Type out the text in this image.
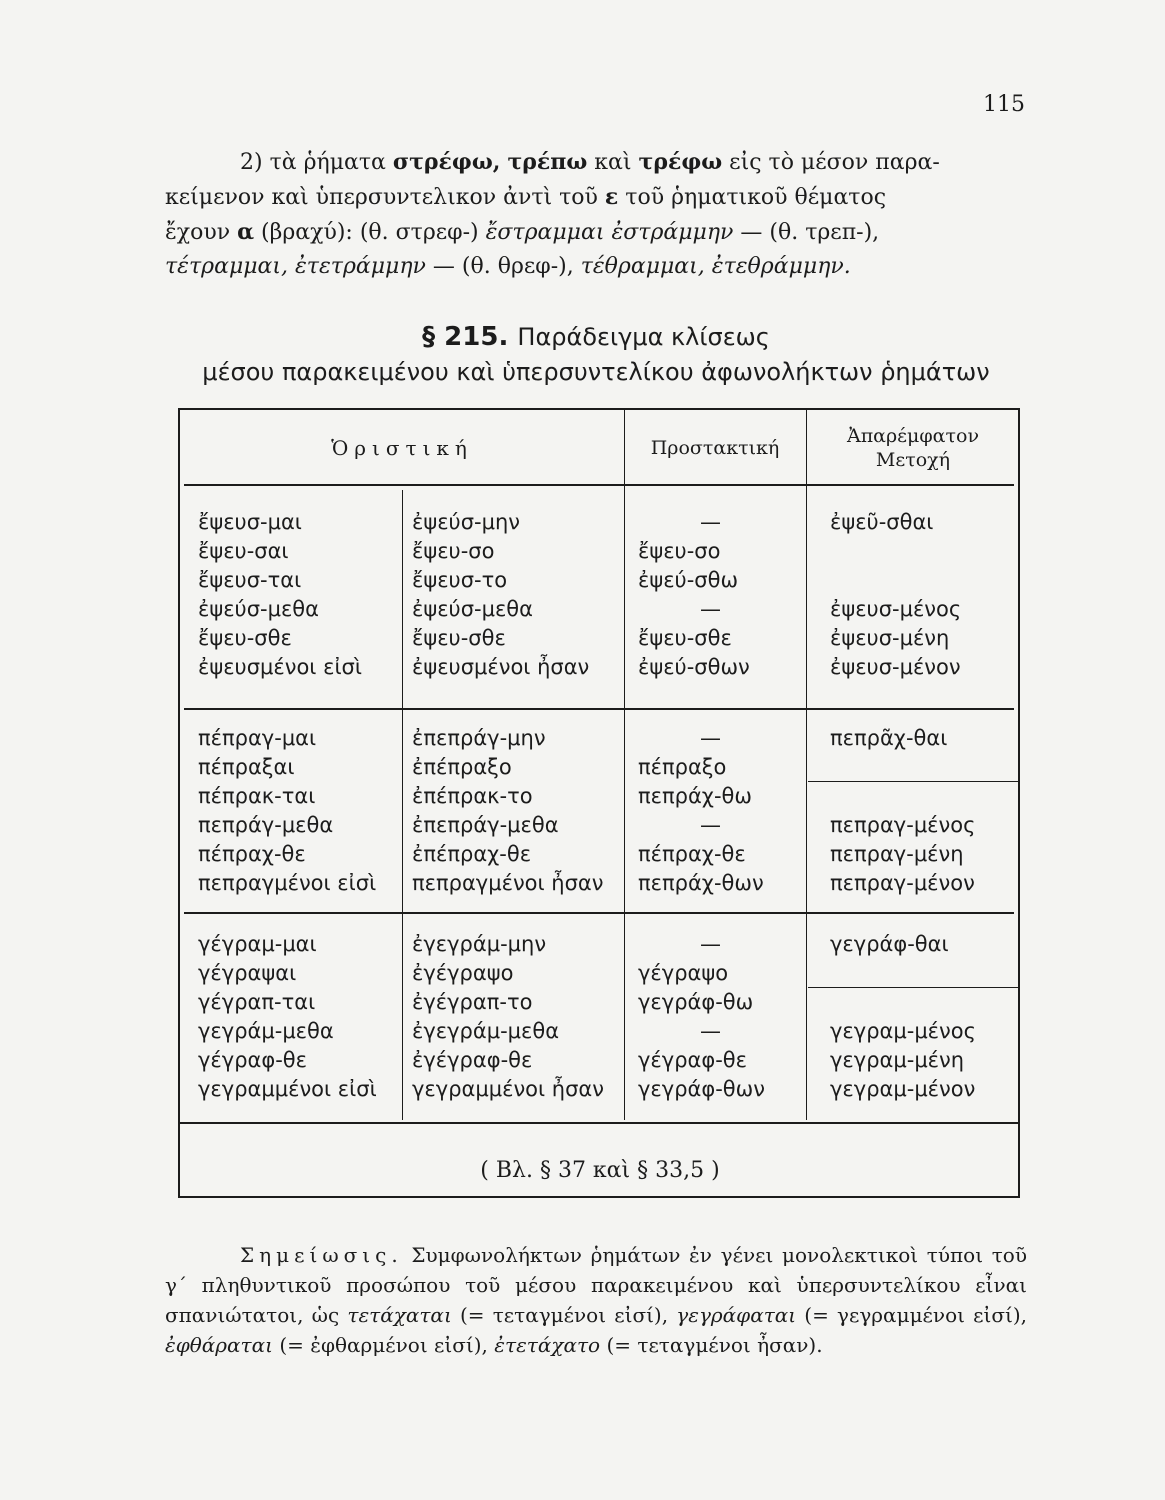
115
2) τὰ ῥήματα στρέφω, τρέπω καὶ τρέφω εἰς τὸ μέσον παρα-
κείμενον καὶ ὑπερσυντελικον ἀντὶ τοῦ ε τοῦ ῥηματικοῦ θέματος
ἔχουν α (βραχύ): (θ. στρεφ-) ἔστραμμαι ἐστράμμην — (θ. τρεπ-),
τέτραμμαι, ἐτετράμμην — (θ. θρεφ-), τέθραμμαι, ἐτεθράμμην.
§ 215. Παράδειγμα κλίσεως
μέσου παρακειμένου καὶ ὑπερσυντελίκου ἀφωνολήκτων ῥημάτων
Ὁριστική	Προστακτική
Ἀπαρέμφατον
Μετοχή
ἔψευσ-μαι
ἔψευ-σαι
ἔψευσ-ται
ἐψεύσ-μεθα
ἔψευ-σθε
ἐψευσμένοι εἰσὶ
ἐψεύσ-μην
ἔψευ-σο
ἔψευσ-το
ἐψεύσ-μεθα
ἔψευ-σθε
ἐψευσμένοι ἦσαν
—
ἔψευ-σο
ἐψεύ-σθω
—
ἔψευ-σθε
ἐψεύ-σθων
ἐψεῦ-σθαι
ἐψευσ-μένος
ἐψευσ-μένη
ἐψευσ-μένον
πέπραγ-μαι
πέπραξαι
πέπρακ-ται
πεπράγ-μεθα
πέπραχ-θε
πεπραγμένοι εἰσὶ
ἐπεπράγ-μην
ἐπέπραξο
ἐπέπρακ-το
ἐπεπράγ-μεθα
ἐπέπραχ-θε
πεπραγμένοι ἦσαν
—
πέπραξο
πεπράχ-θω
—
πέπραχ-θε
πεπράχ-θων
πεπρᾶχ-θαι
πεπραγ-μένος
πεπραγ-μένη
πεπραγ-μένον
γέγραμ-μαι
γέγραψαι
γέγραπ-ται
γεγράμ-μεθα
γέγραφ-θε
γεγραμμένοι εἰσὶ
ἐγεγράμ-μην
ἐγέγραψο
ἐγέγραπ-το
ἐγεγράμ-μεθα
ἐγέγραφ-θε
γεγραμμένοι ἦσαν
—
γέγραψο
γεγράφ-θω
—
γέγραφ-θε
γεγράφ-θων
γεγράφ-θαι
γεγραμ-μένος
γεγραμ-μένη
γεγραμ-μένον
( Βλ. § 37 καὶ § 33,5 )
Σημείωσις. Συμφωνολήκτων ῥημάτων ἐν γένει μονολεκτικοὶ τύποι τοῦ γ΄ πληθυντικοῦ προσώπου τοῦ μέσου παρακειμένου καὶ ὑπερσυντελίκου εἶναι σπανιώτατοι, ὡς τετάχαται (= τεταγμένοι εἰσί), γεγράφαται (= γεγραμμένοι εἰσί), ἐφθάραται (= ἐφθαρμένοι εἰσί), ἐτετάχατο (= τεταγμένοι ἦσαν).
